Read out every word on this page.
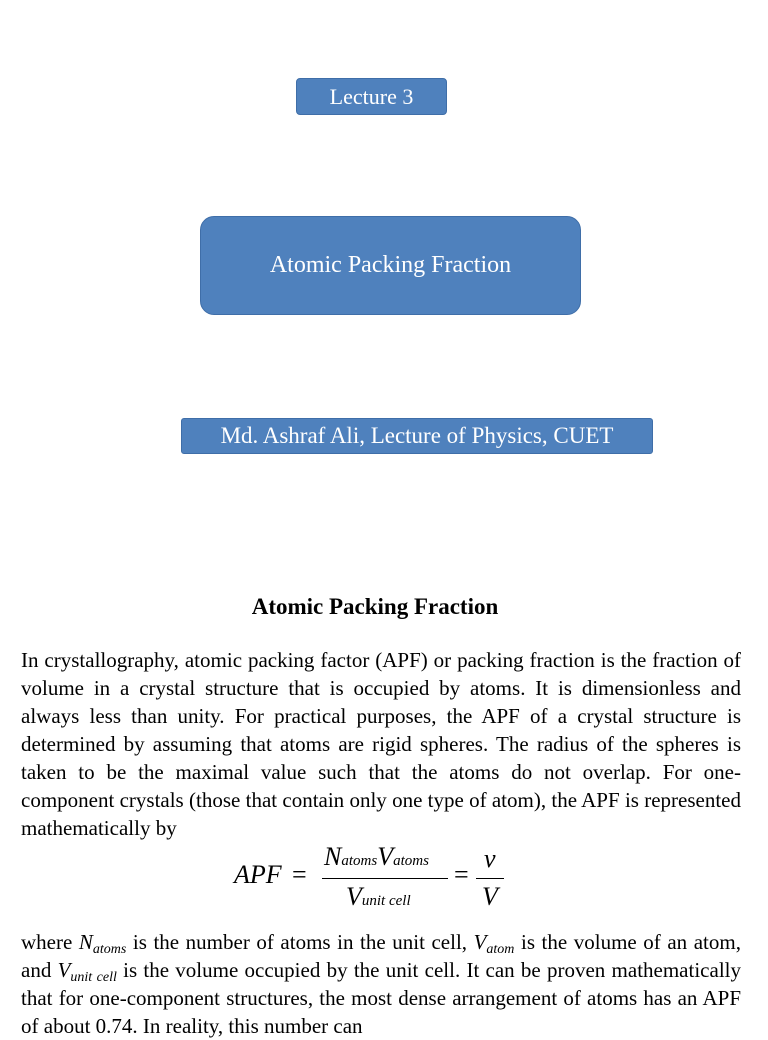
Lecture 3
Atomic Packing Fraction
Md. Ashraf Ali, Lecture of Physics, CUET
Atomic Packing Fraction
In crystallography, atomic packing factor (APF) or packing fraction is the fraction of volume in a crystal structure that is occupied by atoms. It is dimensionless and always less than unity. For practical purposes, the APF of a crystal structure is determined by assuming that atoms are rigid spheres. The radius of the spheres is taken to be the maximal value such that the atoms do not overlap. For one-component crystals (those that contain only one type of atom), the APF is represented mathematically by
APF =
NatomsVatoms
Vunit cell
=
v
V
where $N_{atoms}$ is the number of atoms in the unit cell, $V_{atom}$ is the volume of an atom, and $V_{unit cell}$ is the volume occupied by the unit cell. It can be proven mathematically that for one-component structures, the most dense arrangement of atoms has an APF of about 0.74. In reality, this number can
